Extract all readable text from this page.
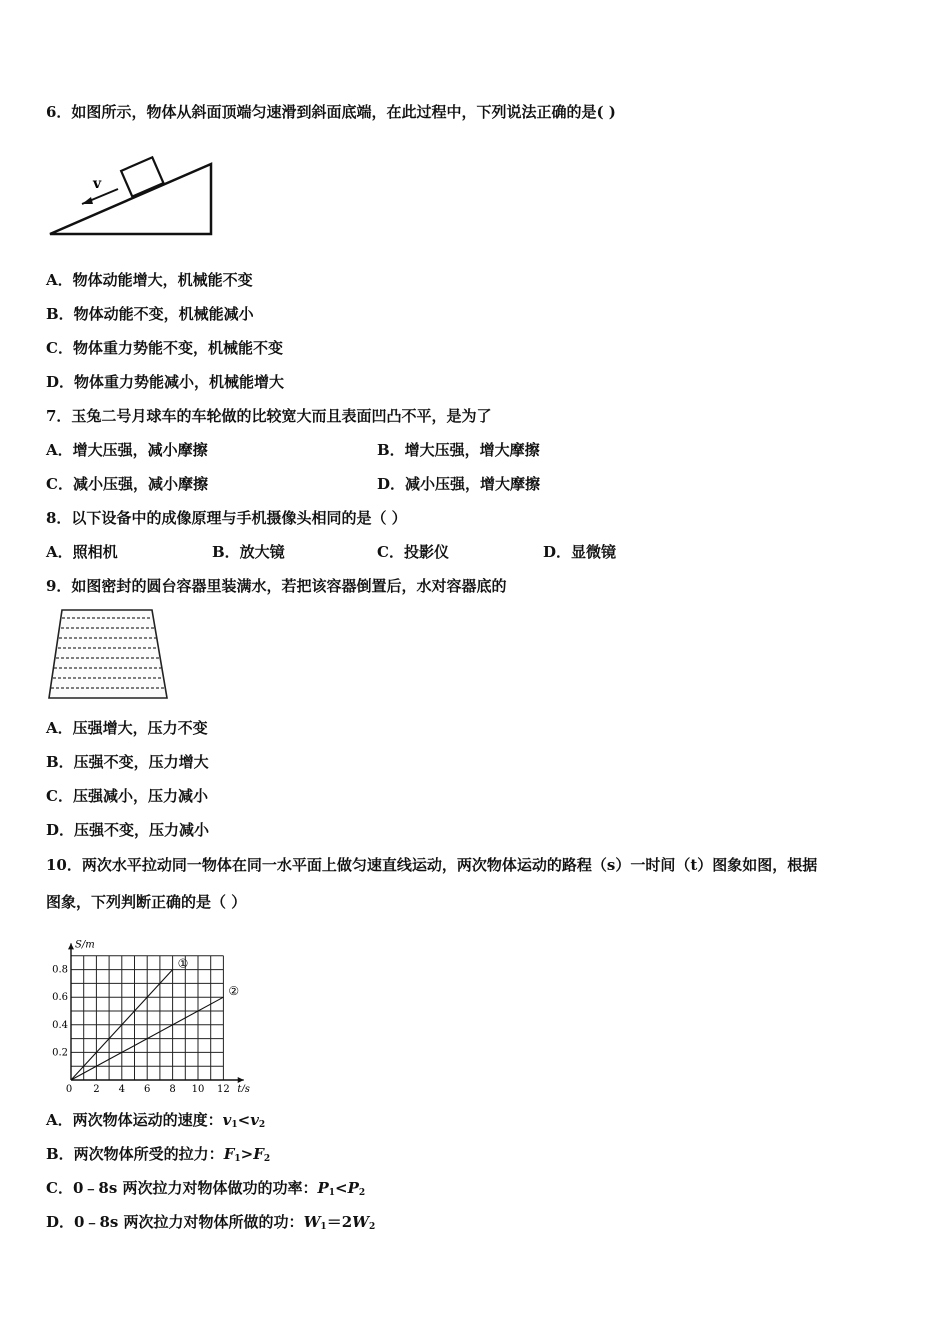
6．如图所示，物体从斜面顶端匀速滑到斜面底端，在此过程中，下列说法正确的是( )
v
A．物体动能增大，机械能不变
B．物体动能不变，机械能减小
C．物体重力势能不变，机械能不变
D．物体重力势能减小，机械能增大
7．玉兔二号月球车的车轮做的比较宽大而且表面凹凸不平，是为了
A．增大压强，减小摩擦	B．增大压强，增大摩擦
C．减小压强，减小摩擦	D．减小压强，增大摩擦
8．以下设备中的成像原理与手机摄像头相同的是（ ）
A．照相机	B．放大镜	C．投影仪	D．显微镜
9．如图密封的圆台容器里装满水，若把该容器倒置后，水对容器底的
A．压强增大，压力不变
B．压强不变，压力增大
C．压强减小，压力减小
D．压强不变，压力减小
10．两次水平拉动同一物体在同一水平面上做匀速直线运动，两次物体运动的路程（s）一时间（t）图象如图，根据
图象，下列判断正确的是（ ）
①
②
0 2 4 6 8 10 12
0.2
0.4
0.6
0.8
t/s
S/m
A．两次物体运动的速度：$v_1<v_2$
B．两次物体所受的拉力：$F_1>F_2$
C．0﹣8s 两次拉力对物体做功的功率：$P_1<P_2$
D．0﹣8s 两次拉力对物体所做的功：$W_1=2W_2$
